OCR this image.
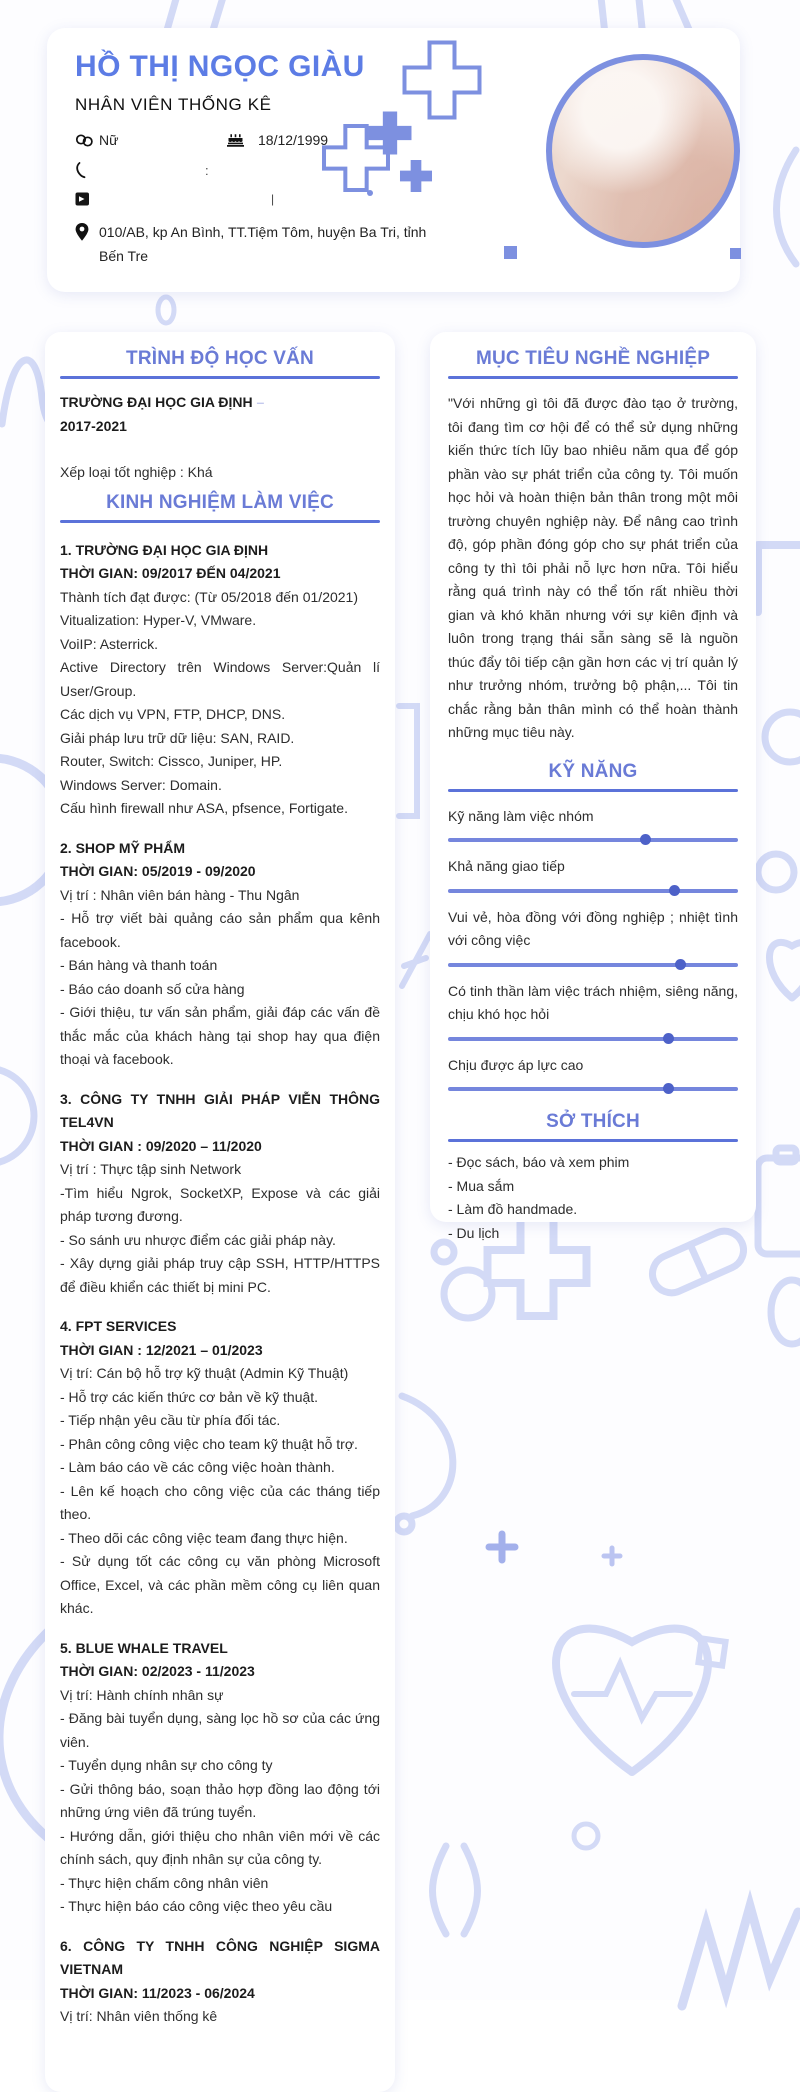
HỒ THỊ NGỌC GIÀU
NHÂN VIÊN THỐNG KÊ
Nữ	18/12/1999
:
|
010/AB, kp An Bình, TT.Tiệm Tôm, huyện Ba Tri, tỉnh Bến Tre
TRÌNH ĐỘ HỌC VẤN

TRƯỜNG ĐẠI HỌC GIA ĐỊNH –

2017-2021

Xếp loại tốt nghiệp : Khá

KINH NGHIỆM LÀM VIỆC

1. TRƯỜNG ĐẠI HỌC GIA ĐỊNH

THỜI GIAN: 09/2017 ĐẾN 04/2021

Thành tích đạt được: (Từ 05/2018 đến 01/2021)

Vitualization: Hyper-V, VMware.

VoiIP: Asterrick.

Active Directory trên Windows Server:Quản lí User/Group.

Các dịch vụ VPN, FTP, DHCP, DNS.

Giải pháp lưu trữ dữ liệu: SAN, RAID.

Router, Switch: Cissco, Juniper, HP.

Windows Server: Domain.

Cấu hình firewall như ASA, pfsence, Fortigate.

2. SHOP MỸ PHẨM

THỜI GIAN: 05/2019 - 09/2020

Vị trí : Nhân viên bán hàng - Thu Ngân

- Hỗ trợ viết bài quảng cáo sản phẩm qua kênh facebook.

- Bán hàng và thanh toán

- Báo cáo doanh số cửa hàng

- Giới thiệu, tư vấn sản phẩm, giải đáp các vấn đề thắc mắc của khách hàng tại shop hay qua điện thoại và facebook.

3. CÔNG TY TNHH GIẢI PHÁP VIỄN THÔNG TEL4VN

THỜI GIAN : 09/2020 – 11/2020

Vị trí : Thực tập sinh Network

-Tìm hiểu Ngrok, SocketXP, Expose và các giải pháp tương đương.

- So sánh ưu nhược điểm các giải pháp này.

- Xây dựng giải pháp truy cập SSH, HTTP/HTTPS để điều khiển các thiết bị mini PC.

4. FPT SERVICES

THỜI GIAN : 12/2021 – 01/2023

Vị trí: Cán bộ hỗ trợ kỹ thuật (Admin Kỹ Thuật)

- Hỗ trợ các kiến thức cơ bản về kỹ thuật.

- Tiếp nhận yêu cầu từ phía đối tác.

- Phân công công việc cho team kỹ thuật hỗ trợ.

- Làm báo cáo về các công việc hoàn thành.

- Lên kế hoạch cho công việc của các tháng tiếp theo.

- Theo dõi các công việc team đang thực hiện.

- Sử dụng tốt các công cụ văn phòng Microsoft Office, Excel, và các phần mềm công cụ liên quan khác.

5. BLUE WHALE TRAVEL

THỜI GIAN: 02/2023 - 11/2023

Vị trí: Hành chính nhân sự

- Đăng bài tuyển dụng, sàng lọc hồ sơ của các ứng viên.

- Tuyển dụng nhân sự cho công ty

- Gửi thông báo, soạn thảo hợp đồng lao động tới những ứng viên đã trúng tuyển.

- Hướng dẫn, giới thiệu cho nhân viên mới về các chính sách, quy định nhân sự của công ty.

- Thực hiện chấm công nhân viên

- Thực hiện báo cáo công việc theo yêu cầu

6. CÔNG TY TNHH CÔNG NGHIỆP SIGMA VIETNAM

THỜI GIAN: 11/2023 - 06/2024

Vị trí: Nhân viên thống kê

MỤC TIÊU NGHỀ NGHIỆP

"Với những gì tôi đã được đào tạo ở trường, tôi đang tìm cơ hội để có thể sử dụng những kiến thức tích lũy bao nhiêu năm qua để góp phần vào sự phát triển của công ty. Tôi muốn học hỏi và hoàn thiện bản thân trong một môi trường chuyên nghiệp này. Để nâng cao trình độ, góp phần đóng góp cho sự phát triển của công ty thì tôi phải nỗ lực hơn nữa. Tôi hiểu rằng quá trình này có thể tốn rất nhiều thời gian và khó khăn nhưng với sự kiên định và luôn trong trạng thái sẵn sàng sẽ là nguồn thúc đẩy tôi tiếp cận gần hơn các vị trí quản lý như trưởng nhóm, trưởng bộ phận,... Tôi tin chắc rằng bản thân mình có thể hoàn thành những mục tiêu này.

KỸ NĂNG

Kỹ năng làm việc nhóm

Khả năng giao tiếp

Vui vẻ, hòa đồng với đồng nghiệp ; nhiệt tình với công việc

Có tinh thần làm việc trách nhiệm, siêng năng, chịu khó học hỏi

Chịu được áp lực cao

SỞ THÍCH

- Đọc sách, báo và xem phim

- Mua sắm

- Làm đồ handmade.

- Du lịch
